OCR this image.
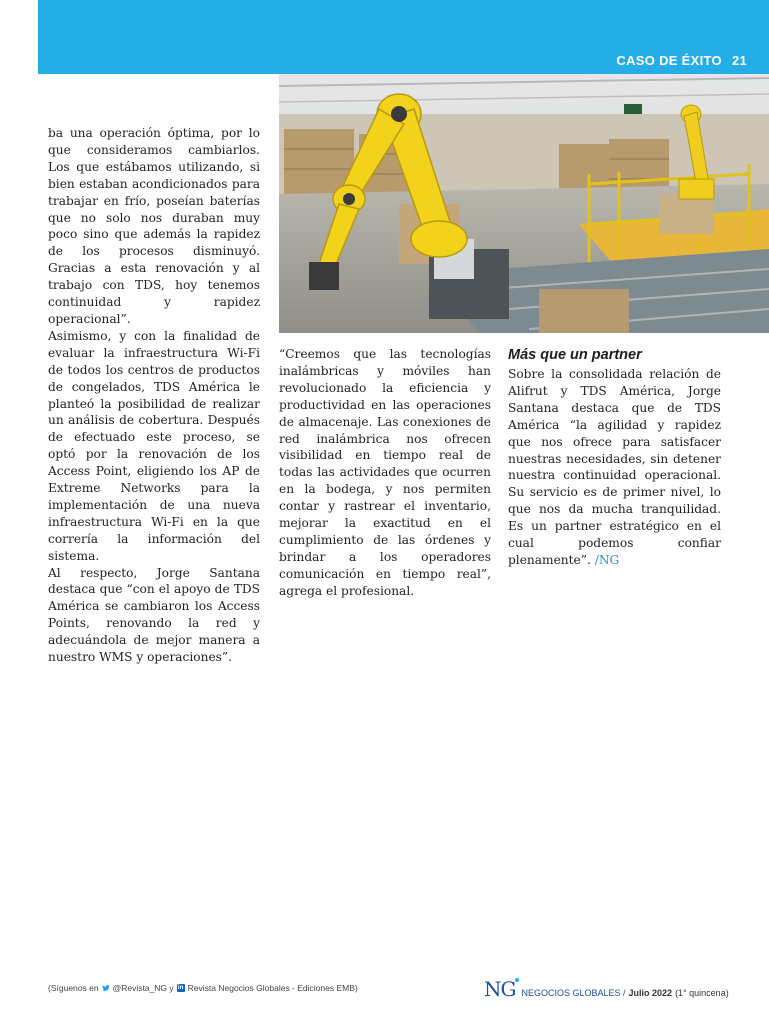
CASO DE ÉXITO 21

ba una operación óptima, por lo que consideramos cambiarlos. Los que estábamos utilizando, si bien estaban acondicionados para trabajar en frío, poseían baterías que no solo nos duraban muy poco sino que además la rapidez de los procesos disminuyó. Gracias a esta renovación y al trabajo con TDS, hoy tenemos continuidad y rapidez operacional”.

Asimismo, y con la finalidad de evaluar la infraestructura Wi-Fi de todos los centros de productos de congelados, TDS América le planteó la posibilidad de realizar un análisis de cobertura. Después de efectuado este proceso, se optó por la renovación de los Access Point, eligiendo los AP de Extreme Networks para la implementación de una nueva infraestructura Wi-Fi en la que correría la información del sistema.

Al respecto, Jorge Santana destaca que “con el apoyo de TDS América se cambiaron los Access Points, renovando la red y adecuándola de mejor manera a nuestro WMS y operaciones”.

“Creemos que las tecnologías inalámbricas y móviles han revolucionado la eficiencia y productividad en las operaciones de almacenaje. Las conexiones de red inalámbrica nos ofrecen visibilidad en tiempo real de todas las actividades que ocurren en la bodega, y nos permiten contar y rastrear el inventario, mejorar la exactitud en el cumplimiento de las órdenes y brindar a los operadores comunicación en tiempo real”, agrega el profesional.

Más que un partner

Sobre la consolidada relación de Alifrut y TDS América, Jorge Santana destaca que de TDS América “la agilidad y rapidez que nos ofrece para satisfacer nuestras necesidades, sin detener nuestra continuidad operacional. Su servicio es de primer nivel, lo que nos da mucha tranquilidad. Es un partner estratégico en el cual podemos confiar plenamente”. /NG

(Síguenos en @Revista_NG y in Revista Negocios Globales - Ediciones EMB)	NG NEGOCIOS GLOBALES / Julio 2022 (1° quincena)
